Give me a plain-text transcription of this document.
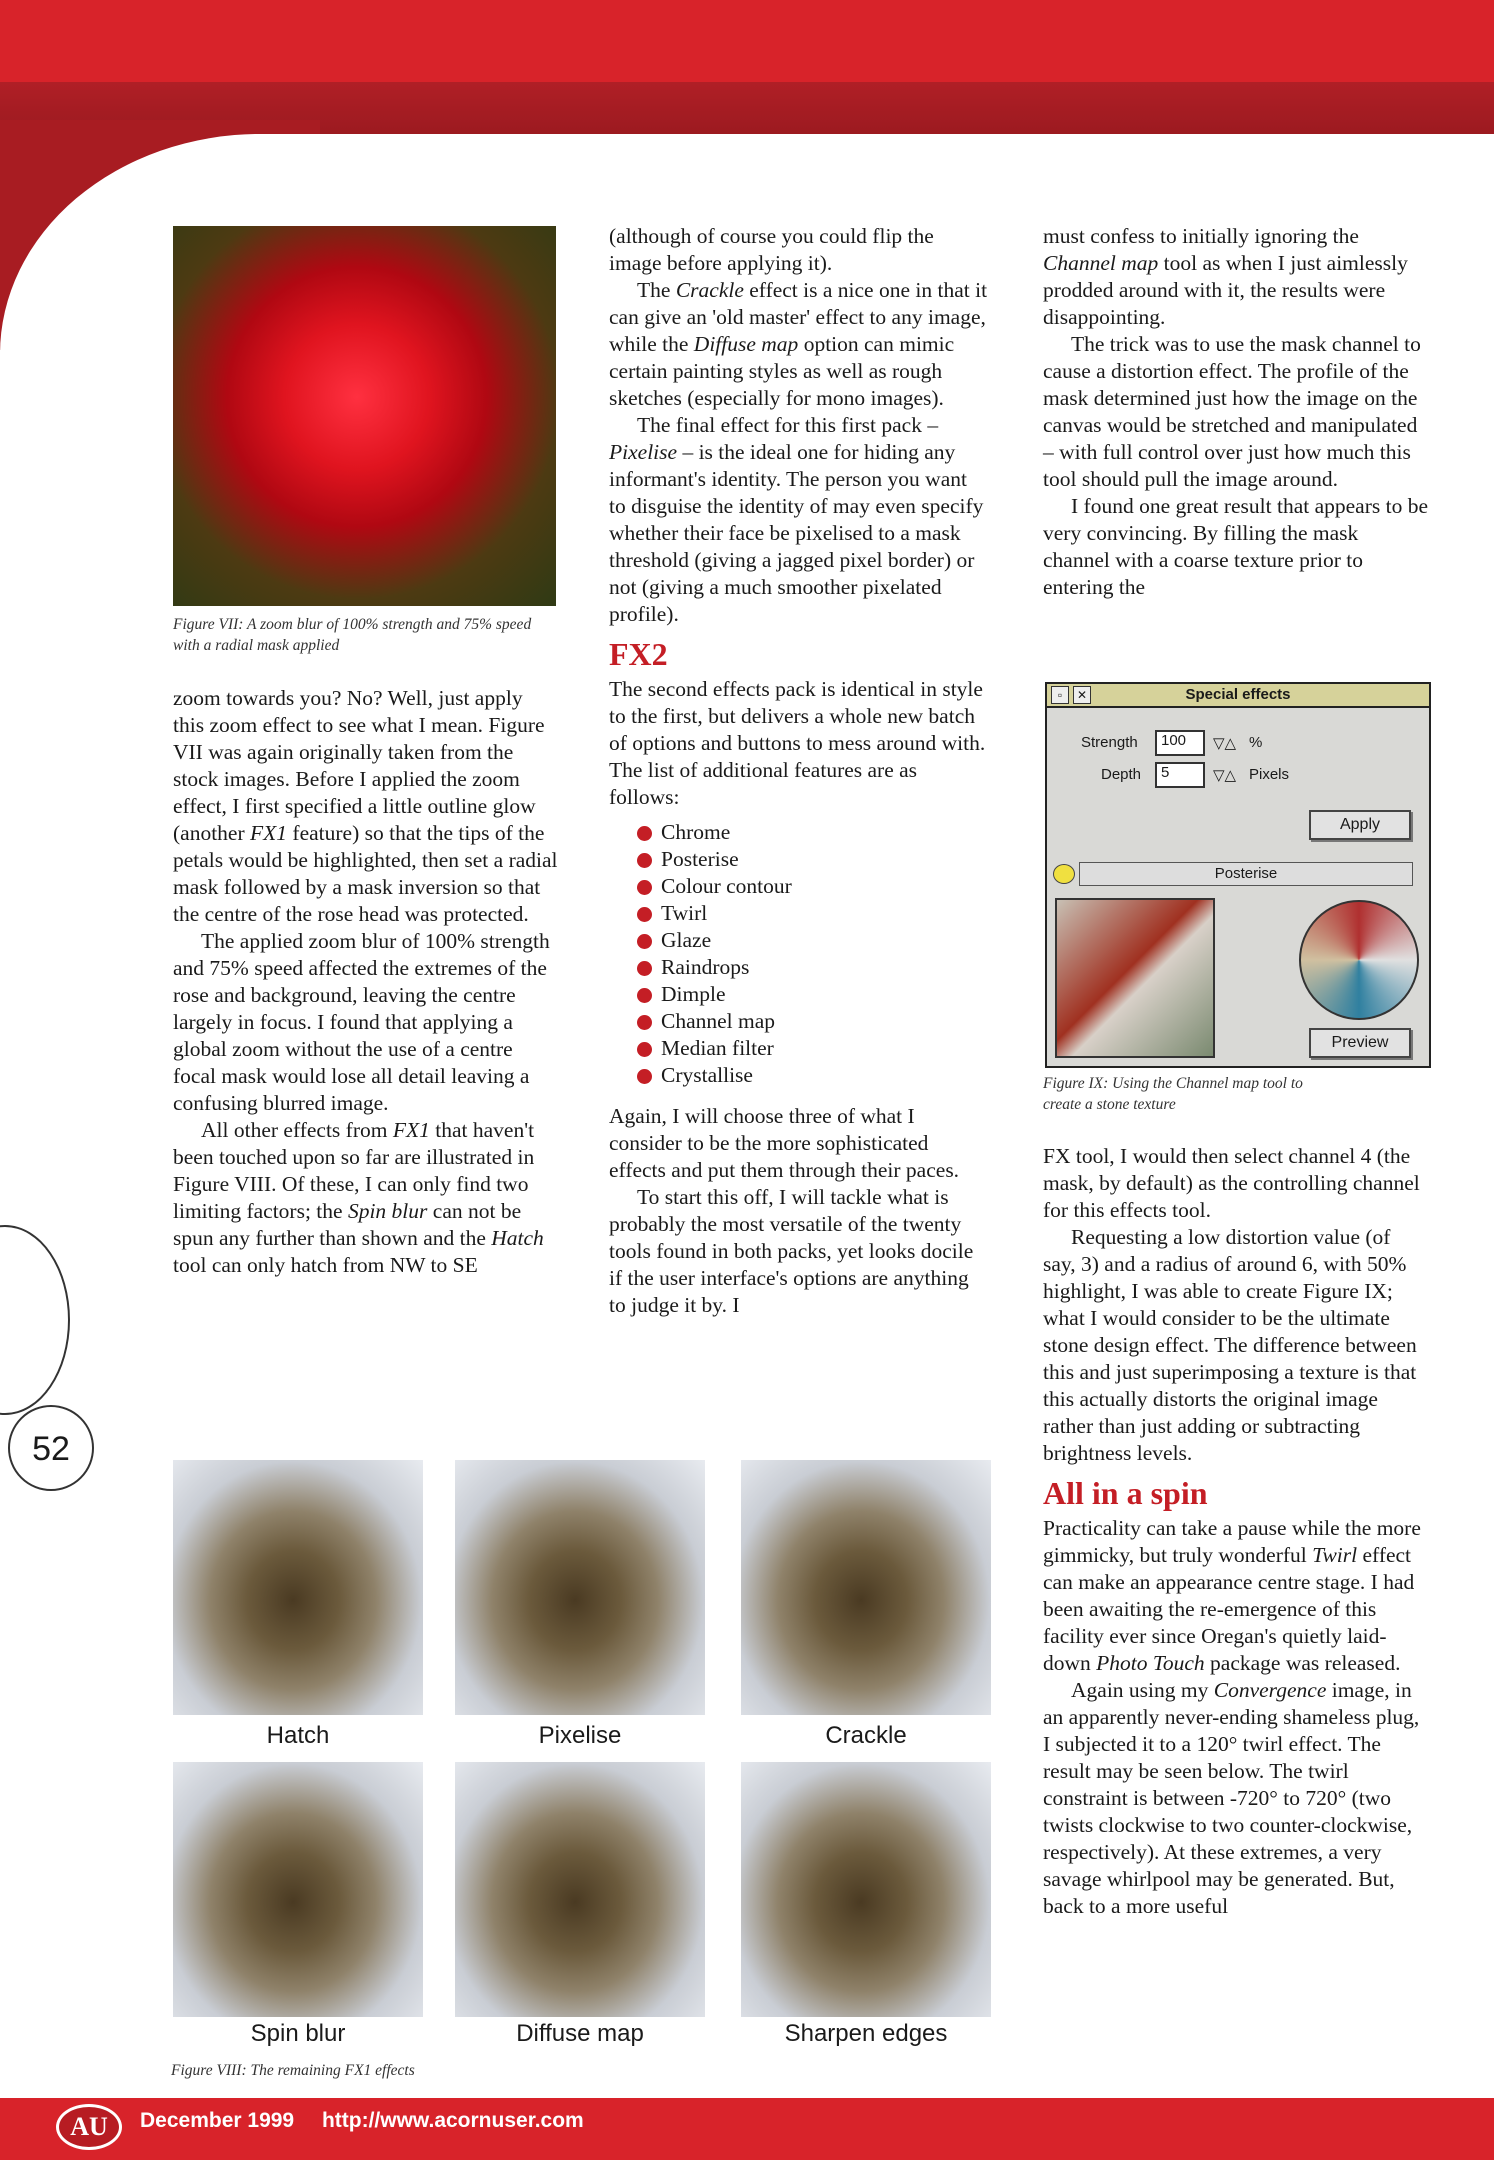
Figure VII: A zoom blur of 100% strength and 75% speed with a radial mask applied

zoom towards you? No? Well, just apply this zoom effect to see what I mean. Figure VII was again originally taken from the stock images. Before I applied the zoom effect, I first specified a little outline glow (another FX1 feature) so that the tips of the petals would be highlighted, then set a radial mask followed by a mask inversion so that the centre of the rose head was protected.

The applied zoom blur of 100% strength and 75% speed affected the extremes of the rose and background, leaving the centre largely in focus. I found that applying a global zoom without the use of a centre focal mask would lose all detail leaving a confusing blurred image.

All other effects from FX1 that haven't been touched upon so far are illustrated in Figure VIII. Of these, I can only find two limiting factors; the Spin blur can not be spun any further than shown and the Hatch tool can only hatch from NW to SE

(although of course you could flip the image before applying it).

The Crackle effect is a nice one in that it can give an 'old master' effect to any image, while the Diffuse map option can mimic certain painting styles as well as rough sketches (especially for mono images).

The final effect for this first pack – Pixelise – is the ideal one for hiding any informant's identity. The person you want to disguise the identity of may even specify whether their face be pixelised to a mask threshold (giving a jagged pixel border) or not (giving a much smoother pixelated profile).

FX2

The second effects pack is identical in style to the first, but delivers a whole new batch of options and buttons to mess around with.

The list of additional features are as follows:

Chrome
Posterise
Colour contour
Twirl
Glaze
Raindrops
Dimple
Channel map
Median filter
Crystallise

Again, I will choose three of what I consider to be the more sophisticated effects and put them through their paces.

To start this off, I will tackle what is probably the most versatile of the twenty tools found in both packs, yet looks docile if the user interface's options are anything to judge it by. I

must confess to initially ignoring the Channel map tool as when I just aimlessly prodded around with it, the results were disappointing.

The trick was to use the mask channel to cause a distortion effect. The profile of the mask determined just how the image on the canvas would be stretched and manipulated – with full control over just how much this tool should pull the image around.

I found one great result that appears to be very convincing. By filling the mask channel with a coarse texture prior to entering the

▫	✕	Special effects
Strength	100	▽△ %
Depth	5	▽△ Pixels
Apply
Posterise
Preview
Figure IX: Using the Channel map tool to create a stone texture

FX tool, I would then select channel 4 (the mask, by default) as the controlling channel for this effects tool.

Requesting a low distortion value (of say, 3) and a radius of around 6, with 50% highlight, I was able to create Figure IX; what I would consider to be the ultimate stone design effect. The difference between this and just superimposing a texture is that this actually distorts the original image rather than just adding or subtracting brightness levels.

All in a spin

Practicality can take a pause while the more gimmicky, but truly wonderful Twirl effect can make an appearance centre stage. I had been awaiting the re-emergence of this facility ever since Oregan's quietly laid-down Photo Touch package was released.

Again using my Convergence image, in an apparently never-ending shameless plug, I subjected it to a 120° twirl effect. The result may be seen below. The twirl constraint is between -720° to 720° (two twists clockwise to two counter-clockwise, respectively). At these extremes, a very savage whirlpool may be generated. But, back to a more useful

Hatch	Pixelise	Crackle
Spin blur	Diffuse map	Sharpen edges
Figure VIII: The remaining FX1 effects
52
AU	December 1999 http://www.acornuser.com
